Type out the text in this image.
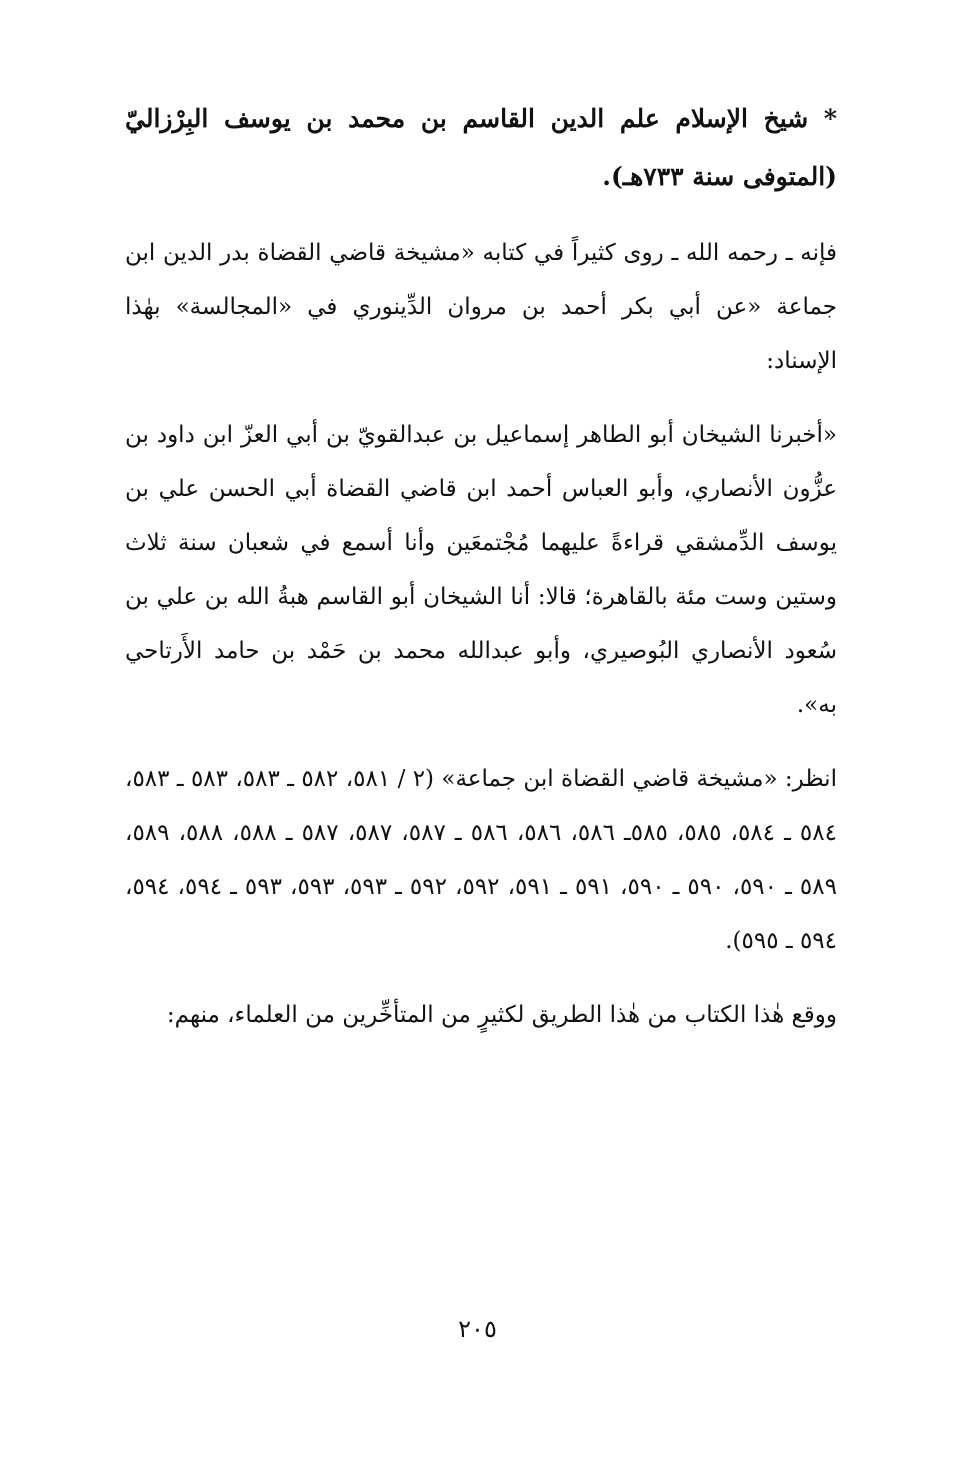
* شيخ الإسلام علم الدين القاسم بن محمد بن يوسف البِرْزاليّ (المتوفى سنة ٧٣٣هـ).

فإنه ـ رحمه الله ـ روى كثيراً في كتابه «مشيخة قاضي القضاة بدر الدين ابن جماعة «عن أبي بكر أحمد بن مروان الدِّينوري في «المجالسة» بهٰذا الإسناد:

«أخبرنا الشيخان أبو الطاهر إسماعيل بن عبدالقويّ بن أبي العزّ ابن داود بن عزُّون الأنصاري، وأبو العباس أحمد ابن قاضي القضاة أبي الحسن علي بن يوسف الدِّمشقي قراءةً عليهما مُجْتمعَين وأنا أسمع في شعبان سنة ثلاث وستين وست مئة بالقاهرة؛ قالا: أنا الشيخان أبو القاسم هبةُ الله بن علي بن سُعود الأنصاري البُوصيري، وأبو عبدالله محمد بن حَمْد بن حامد الأَرتاحي به».

انظر: «مشيخة قاضي القضاة ابن جماعة» (٢ / ٥٨١، ٥٨٢ ـ ٥٨٣، ٥٨٣ ـ ٥٨٣، ٥٨٤ ـ ٥٨٤، ٥٨٥، ٥٨٥ـ ٥٨٦، ٥٨٦، ٥٨٦ ـ ٥٨٧، ٥٨٧، ٥٨٧ ـ ٥٨٨، ٥٨٨، ٥٨٩، ٥٨٩ ـ ٥٩٠، ٥٩٠ ـ ٥٩٠، ٥٩١ ـ ٥٩١، ٥٩٢، ٥٩٢ ـ ٥٩٣، ٥٩٣، ٥٩٣ ـ ٥٩٤، ٥٩٤، ٥٩٤ ـ ٥٩٥).

ووقع هٰذا الكتاب من هٰذا الطريق لكثيرٍ من المتأخِّرين من العلماء، منهم:

٢٠٥
